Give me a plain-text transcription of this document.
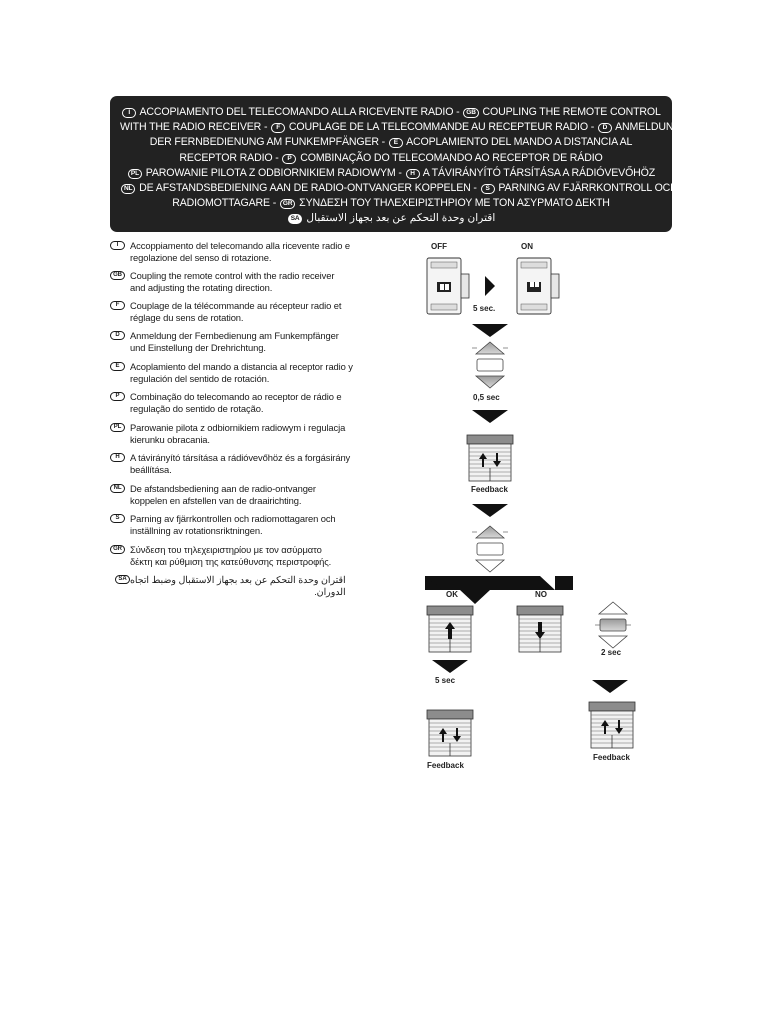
I ACCOPIAMENTO DEL TELECOMANDO ALLA RICEVENTE RADIO - GB COUPLING THE REMOTE CONTROL
WITH THE RADIO RECEIVER - F COUPLAGE DE LA TELECOMMANDE AU RECEPTEUR RADIO - D ANMELDUNG
DER FERNBEDIENUNG AM FUNKEMPFÄNGER - E ACOPLAMIENTO DEL MANDO A DISTANCIA AL
RECEPTOR RADIO - P COMBINAÇÃO DO TELECOMANDO AO RECEPTOR DE RÁDIO
PL PAROWANIE PILOTA Z ODBIORNIKIEM RADIOWYM - H A TÁVIRÁNYÍTÓ TÁRSÍTÁSA A RÁDIÓVEVŐHÖZ
NL DE AFSTANDSBEDIENING AAN DE RADIO-ONTVANGER KOPPELEN - S PARNING AV FJÄRRKONTROLL OCH
RADIOMOTTAGARE - GR ΣΥΝΔΕΣΗ ΤΟΥ ΤΗΛΕΧΕΙΡΙΣΤΗΡΙΟΥ ΜΕ ΤΟΝ ΑΣΥΡΜΑΤΟ ΔΕΚΤΗ
اقتران وحدة التحكم عن بعد بجهاز الاستقبال SA
I	Accoppiamento del telecomando alla ricevente radio e
regolazione del senso di rotazione.
GB Coupling the remote control with the radio receiver
and adjusting the rotating direction.
F	Couplage de la télécommande au récepteur radio et
réglage du sens de rotation.
D	Anmeldung der Fernbedienung am Funkempfänger
und Einstellung der Drehrichtung.
E	Acoplamiento del mando a distancia al receptor radio y
regulación del sentido de rotación.
P	Combinação do telecomando ao receptor de rádio e
regulação do sentido de rotação.
PL Parowanie pilota z odbiornikiem radiowym i regulacja
kierunku obracania.
H	A távirányító társítása a rádióvevőhöz és a forgásirány
beállítása.
NL De afstandsbediening aan de radio-ontvanger
koppelen en afstellen van de draairichting.
S	Parning av fjärrkontrollen och radiomottagaren och
inställning av rotationsriktningen.
GR Σύνδεση του τηλεχειριστηρίου με τον ασύρματο
δέκτη και ρύθμιση της κατεύθυνσης περιστροφής.
SA	اقتران وحدة التحكم عن بعد بجهاز الاستقبال وضبط اتجاه
الدوران.
OFF	ON
5 sec.
0,5 sec
Feedback
OK	NO
2 sec
5 sec
Feedback
Feedback
